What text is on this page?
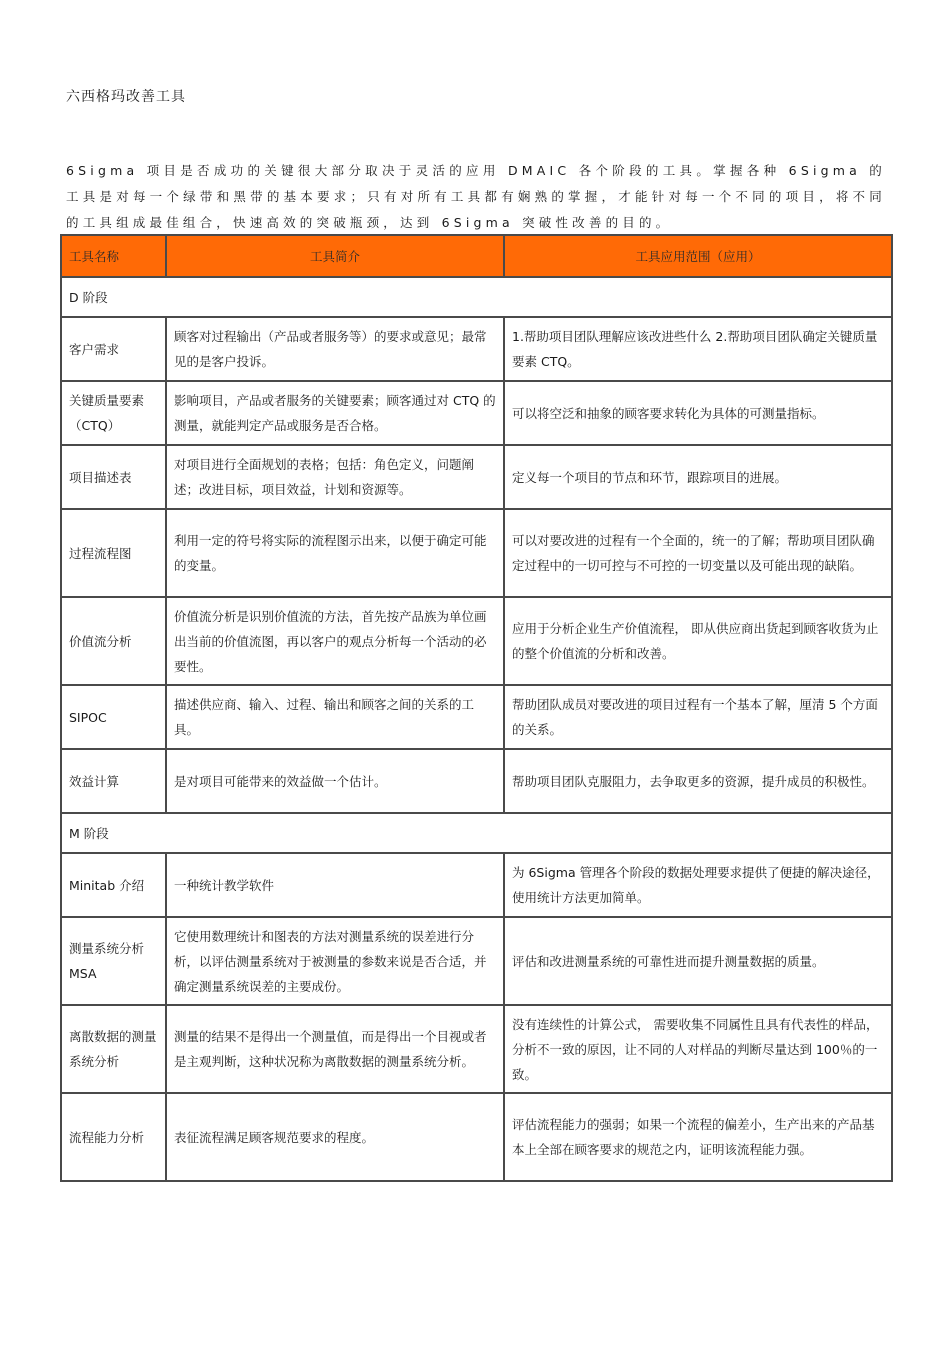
六西格玛改善工具
6Sigma 项目是否成功的关键很大部分取决于灵活的应用 DMAIC 各个阶段的工具。掌握各种 6Sigma 的工具是对每一个绿带和黑带的基本要求；只有对所有工具都有娴熟的掌握，才能针对每一个不同的项目，将不同的工具组成最佳组合，快速高效的突破瓶颈，达到 6Sigma 突破性改善的目的。
工具名称	工具简介	工具应用范围（应用）
D 阶段		
客户需求	顾客对过程输出（产品或者服务等）的要求或意见；最常见的是客户投诉。	1.帮助项目团队理解应该改进些什么 2.帮助项目团队确定关键质量要素 CTQ。
关键质量要素（CTQ）	影响项目，产品或者服务的关键要素；顾客通过对 CTQ 的测量，就能判定产品或服务是否合格。	可以将空泛和抽象的顾客要求转化为具体的可测量指标。
项目描述表	对项目进行全面规划的表格；包括：角色定义，问题阐述；改进目标，项目效益，计划和资源等。	定义每一个项目的节点和环节，跟踪项目的进展。
过程流程图	利用一定的符号将实际的流程图示出来，以便于确定可能的变量。	可以对要改进的过程有一个全面的，统一的了解；帮助项目团队确定过程中的一切可控与不可控的一切变量以及可能出现的缺陷。
价值流分析	价值流分析是识别价值流的方法，首先按产品族为单位画出当前的价值流图，再以客户的观点分析每一个活动的必要性。	应用于分析企业生产价值流程， 即从供应商出货起到顾客收货为止的整个价值流的分析和改善。
SIPOC	描述供应商、输入、过程、输出和顾客之间的关系的工具。	帮助团队成员对要改进的项目过程有一个基本了解，厘清 5 个方面的关系。
效益计算	是对项目可能带来的效益做一个估计。	帮助项目团队克服阻力，去争取更多的资源，提升成员的积极性。
M 阶段		
Minitab 介绍	一种统计教学软件	为 6Sigma 管理各个阶段的数据处理要求提供了便捷的解决途径，使用统计方法更加简单。
测量系统分析 MSA	它使用数理统计和图表的方法对测量系统的误差进行分析，以评估测量系统对于被测量的参数来说是否合适，并确定测量系统误差的主要成份。	评估和改进测量系统的可靠性进而提升测量数据的质量。
离散数据的测量系统分析	测量的结果不是得出一个测量值，而是得出一个目视或者是主观判断，这种状况称为离散数据的测量系统分析。	没有连续性的计算公式， 需要收集不同属性且具有代表性的样品，分析不一致的原因，让不同的人对样品的判断尽量达到 100％的一致。
流程能力分析	表征流程满足顾客规范要求的程度。	评估流程能力的强弱；如果一个流程的偏差小，生产出来的产品基本上全部在顾客要求的规范之内，证明该流程能力强。
